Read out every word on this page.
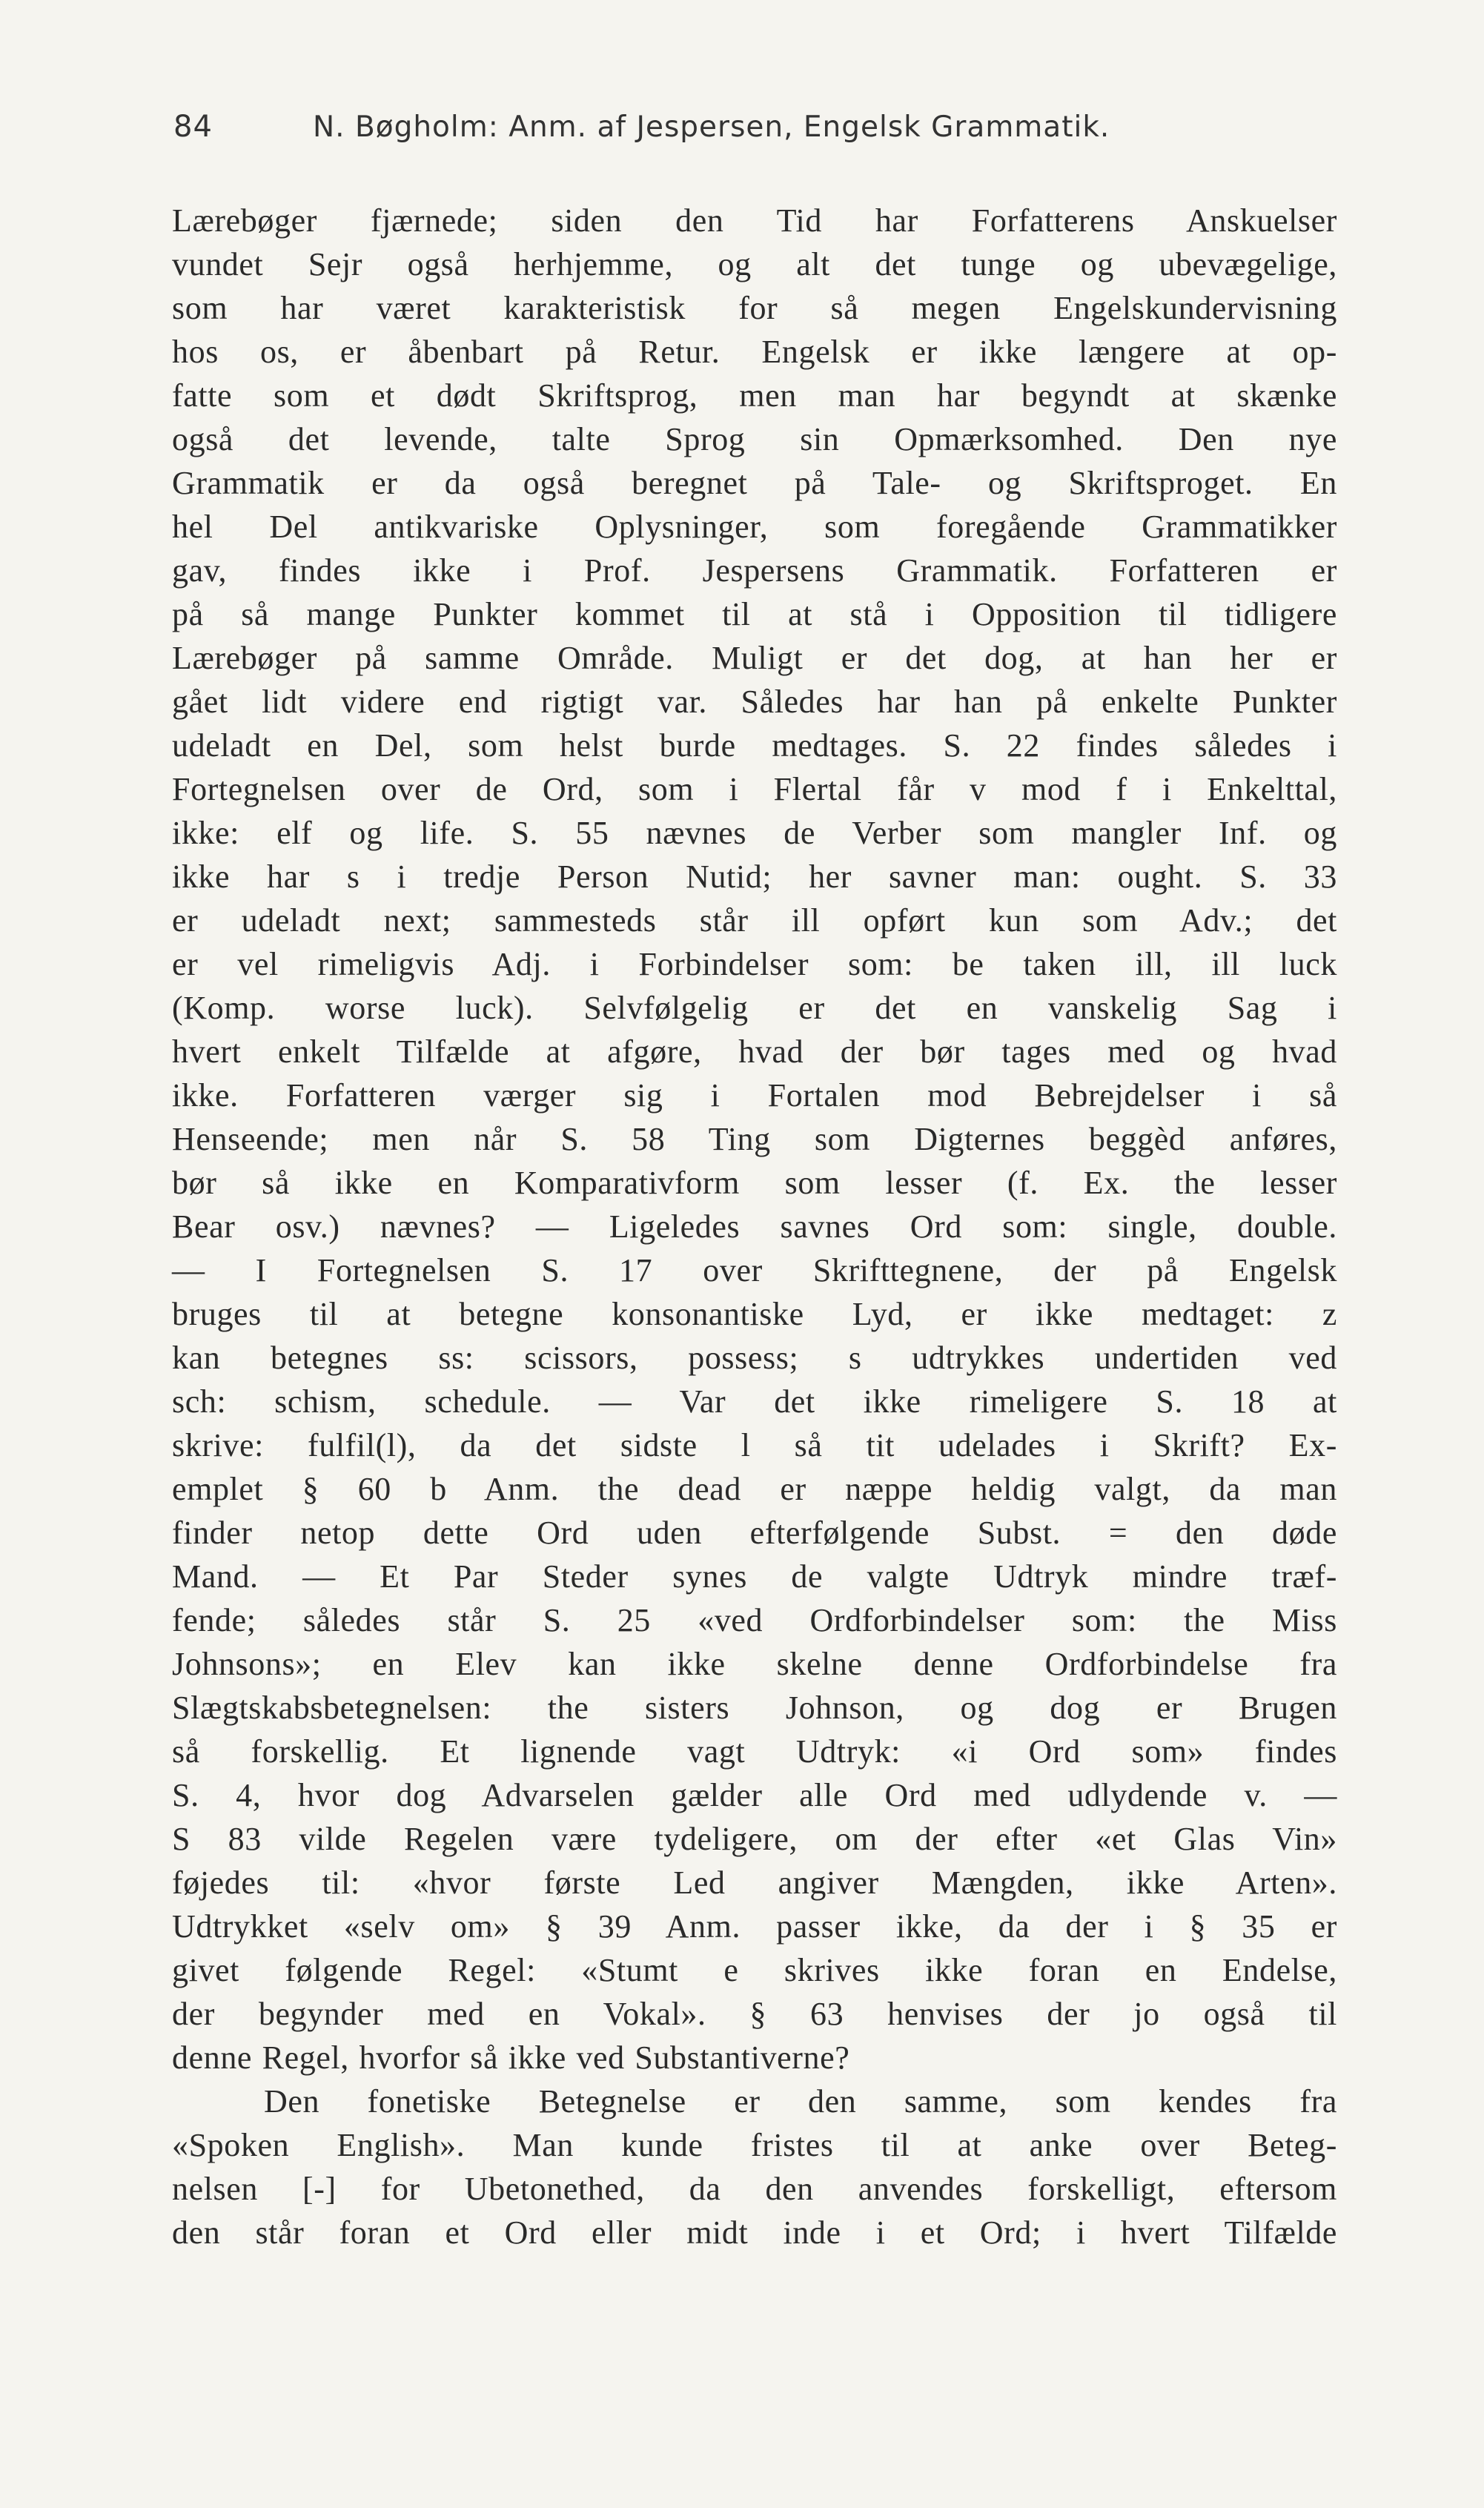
84	N. Bøgholm: Anm. af Jespersen, Engelsk Grammatik.
Lærebøger fjærnede; siden den Tid har Forfatterens Anskuelser
vundet Sejr også herhjemme, og alt det tunge og ubevægelige,
som har været karakteristisk for så megen Engelskundervisning
hos os, er åbenbart på Retur. Engelsk er ikke længere at op-
fatte som et dødt Skriftsprog, men man har begyndt at skænke
også det levende, talte Sprog sin Opmærksomhed. Den nye
Grammatik er da også beregnet på Tale- og Skriftsproget. En
hel Del antikvariske Oplysninger, som foregående Grammatikker
gav, findes ikke i Prof. Jespersens Grammatik. Forfatteren er
på så mange Punkter kommet til at stå i Opposition til tidligere
Lærebøger på samme Område. Muligt er det dog, at han her er
gået lidt videre end rigtigt var. Således har han på enkelte Punkter
udeladt en Del, som helst burde medtages. S. 22 findes således i
Fortegnelsen over de Ord, som i Flertal får v mod f i Enkelttal,
ikke: elf og life. S. 55 nævnes de Verber som mangler Inf. og
ikke har s i tredje Person Nutid; her savner man: ought. S. 33
er udeladt next; sammesteds står ill opført kun som Adv.; det
er vel rimeligvis Adj. i Forbindelser som: be taken ill, ill luck
(Komp. worse luck). Selvfølgelig er det en vanskelig Sag i
hvert enkelt Tilfælde at afgøre, hvad der bør tages med og hvad
ikke. Forfatteren værger sig i Fortalen mod Bebrejdelser i så
Henseende; men når S. 58 Ting som Digternes beggèd anføres,
bør så ikke en Komparativform som lesser (f. Ex. the lesser
Bear osv.) nævnes? — Ligeledes savnes Ord som: single, double.
— I Fortegnelsen S. 17 over Skrifttegnene, der på Engelsk
bruges til at betegne konsonantiske Lyd, er ikke medtaget: z
kan betegnes ss: scissors, possess; s udtrykkes undertiden ved
sch: schism, schedule. — Var det ikke rimeligere S. 18 at
skrive: fulfil(l), da det sidste l så tit udelades i Skrift? Ex-
emplet § 60 b Anm. the dead er næppe heldig valgt, da man
finder netop dette Ord uden efterfølgende Subst. = den døde
Mand. — Et Par Steder synes de valgte Udtryk mindre træf-
fende; således står S. 25 «ved Ordforbindelser som: the Miss
Johnsons»; en Elev kan ikke skelne denne Ordforbindelse fra
Slægtskabsbetegnelsen: the sisters Johnson, og dog er Brugen
så forskellig. Et lignende vagt Udtryk: «i Ord som» findes
S. 4, hvor dog Advarselen gælder alle Ord med udlydende v. —
S 83 vilde Regelen være tydeligere, om der efter «et Glas Vin»
føjedes til: «hvor første Led angiver Mængden, ikke Arten».
Udtrykket «selv om» § 39 Anm. passer ikke, da der i § 35 er
givet følgende Regel: «Stumt e skrives ikke foran en Endelse,
der begynder med en Vokal». § 63 henvises der jo også til
denne Regel, hvorfor så ikke ved Substantiverne?
Den fonetiske Betegnelse er den samme, som kendes fra
«Spoken English». Man kunde fristes til at anke over Beteg-
nelsen [-] for Ubetonethed, da den anvendes forskelligt, eftersom
den står foran et Ord eller midt inde i et Ord; i hvert Tilfælde
